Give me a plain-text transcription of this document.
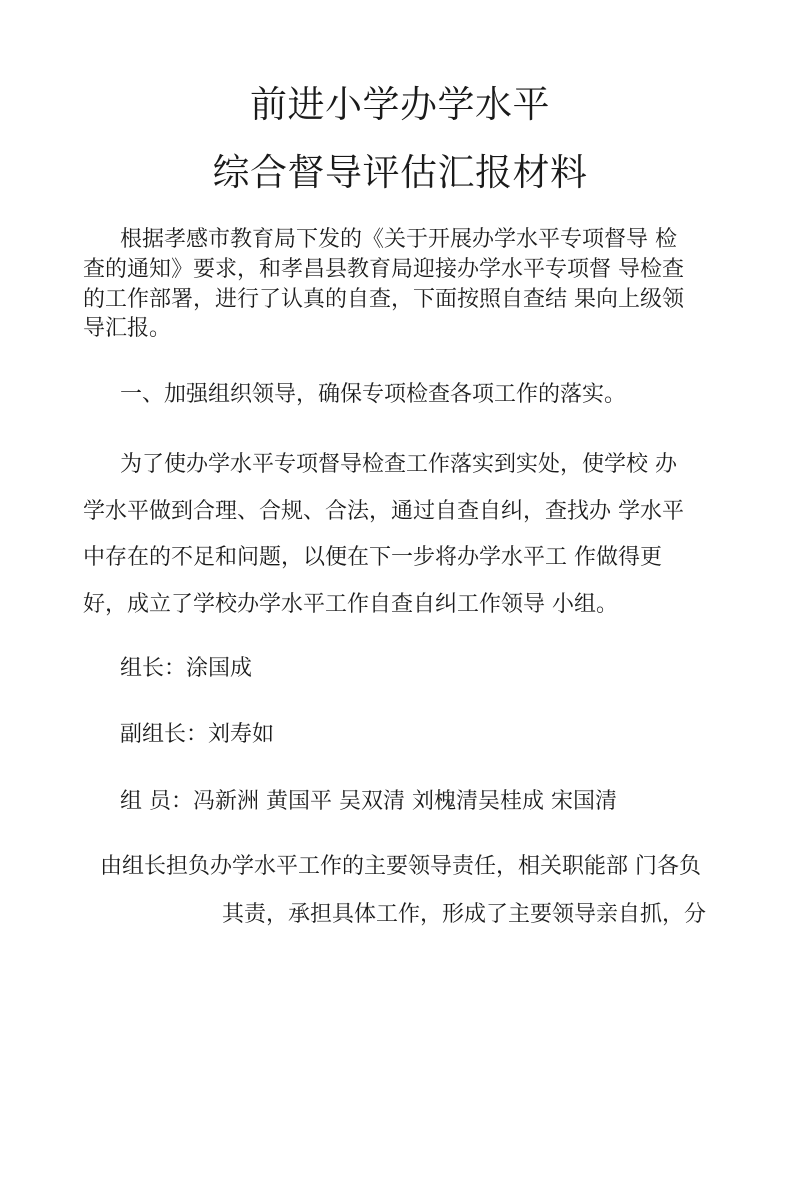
前进小学办学水平
综合督导评估汇报材料

根据孝感市教育局下发的《关于开展办学水平专项督导 检

查的通知》要求，和孝昌县教育局迎接办学水平专项督 导检查

的工作部署，进行了认真的自查，下面按照自查结 果向上级领

导汇报。

一、加强组织领导，确保专项检查各项工作的落实。

为了使办学水平专项督导检查工作落实到实处，使学校 办

学水平做到合理、合规、合法，通过自查自纠，查找办 学水平

中存在的不足和问题，以便在下一步将办学水平工 作做得更

好，成立了学校办学水平工作自查自纠工作领导 小组。

组长：涂国成

副组长：刘寿如

组 员：冯新洲 黄国平 吴双清 刘槐清吴桂成 宋国清

由组长担负办学水平工作的主要领导责任，相关职能部 门各负

其责，承担具体工作，形成了主要领导亲自抓，分
